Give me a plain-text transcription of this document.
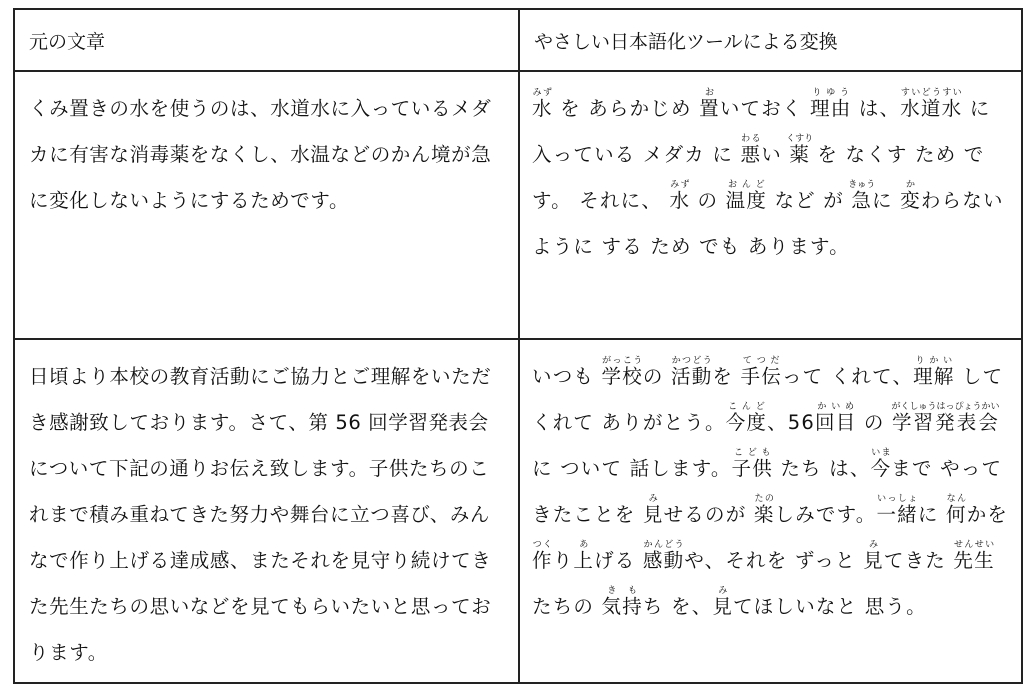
元の文章	やさしい日本語化ツールによる変換
くみ置きの水を使うのは、水道水に入っているメダカに有害な消毒薬をなくし、水温などのかん境が急に変化しないようにするためです。	水みず を あらかじめ 置おいておく 理由りゆう は、水道すいどう水すい に 入っている メダカ に 悪わるい 薬くすり を なくす ため です。 それに、 水みず の 温度おんど など が 急きゅうに 変かわらない ように する ため でも あります。
日頃より本校の教育活動にご協力とご理解をいただき感謝致しております。さて、第 56 回学習発表会について下記の通りお伝え致します。子供たちのこれまで積み重ねてきた努力や舞台に立つ喜び、みんなで作り上げる達成感、またそれを見守り続けてきた先生たちの思いなどを見てもらいたいと思っております。	いつも 学校がっこうの 活動かつどうを 手伝てつだって くれて、理解りかい して くれて ありがとう。今度こんど、56回目かいめ の 学習発表会がくしゅうはっぴょうかいに ついて 話します。子供こども たち は、今いままで やってきたことを 見みせるのが 楽たのしみです。一緒いっしょに 何なんかを 作つくり上あげる 感動かんどうや、それを ずっと 見みてきた 先生せんせいたちの 気持きもち を、見みてほしいなと 思う。
